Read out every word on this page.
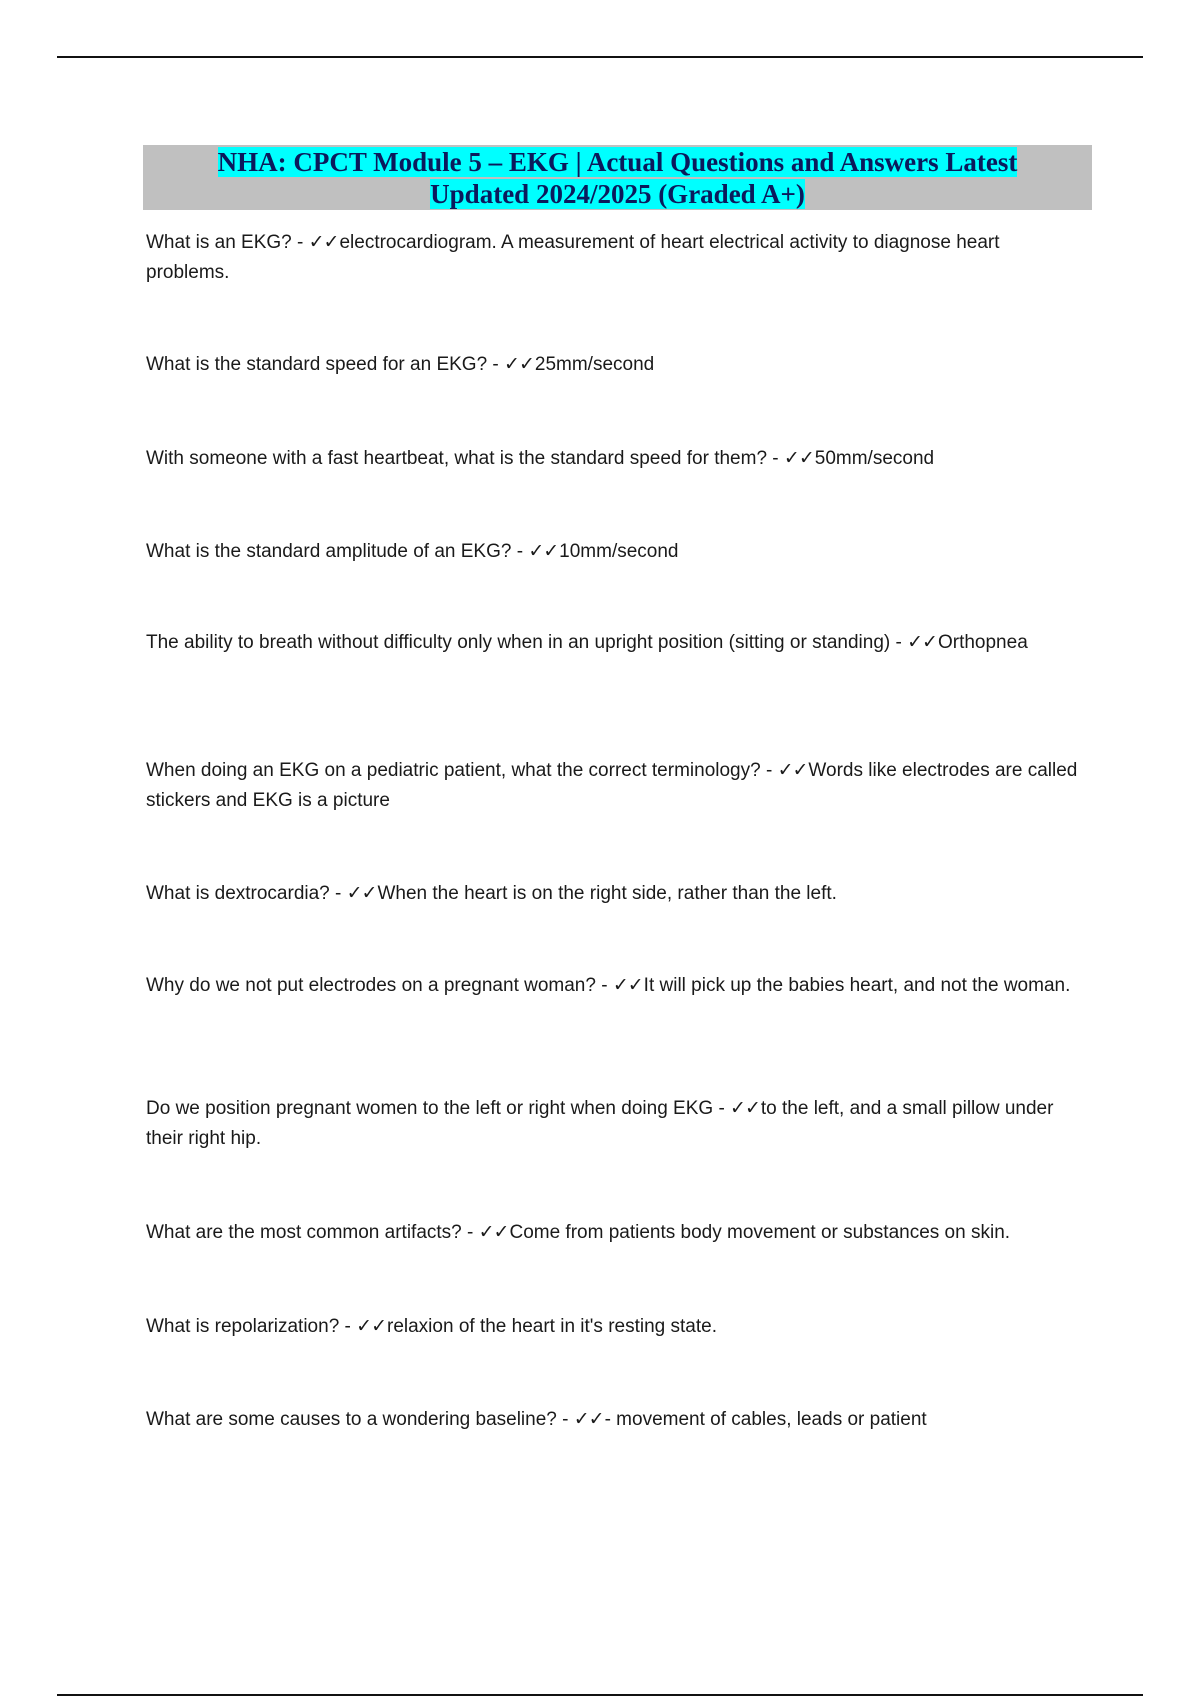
NHA: CPCT Module 5 – EKG | Actual Questions and Answers Latest
Updated 2024/2025 (Graded A+)
What is an EKG? - ✓✓electrocardiogram. A measurement of heart electrical activity to diagnose heart problems.
What is the standard speed for an EKG? - ✓✓25mm/second
With someone with a fast heartbeat, what is the standard speed for them? - ✓✓50mm/second
What is the standard amplitude of an EKG? - ✓✓10mm/second
The ability to breath without difficulty only when in an upright position (sitting or standing) - ✓✓Orthopnea
When doing an EKG on a pediatric patient, what the correct terminology? - ✓✓Words like electrodes are called stickers and EKG is a picture
What is dextrocardia? - ✓✓When the heart is on the right side, rather than the left.
Why do we not put electrodes on a pregnant woman? - ✓✓It will pick up the babies heart, and not the woman.
Do we position pregnant women to the left or right when doing EKG - ✓✓to the left, and a small pillow under their right hip.
What are the most common artifacts? - ✓✓Come from patients body movement or substances on skin.
What is repolarization? - ✓✓relaxion of the heart in it's resting state.
What are some causes to a wondering baseline? - ✓✓- movement of cables, leads or patient
